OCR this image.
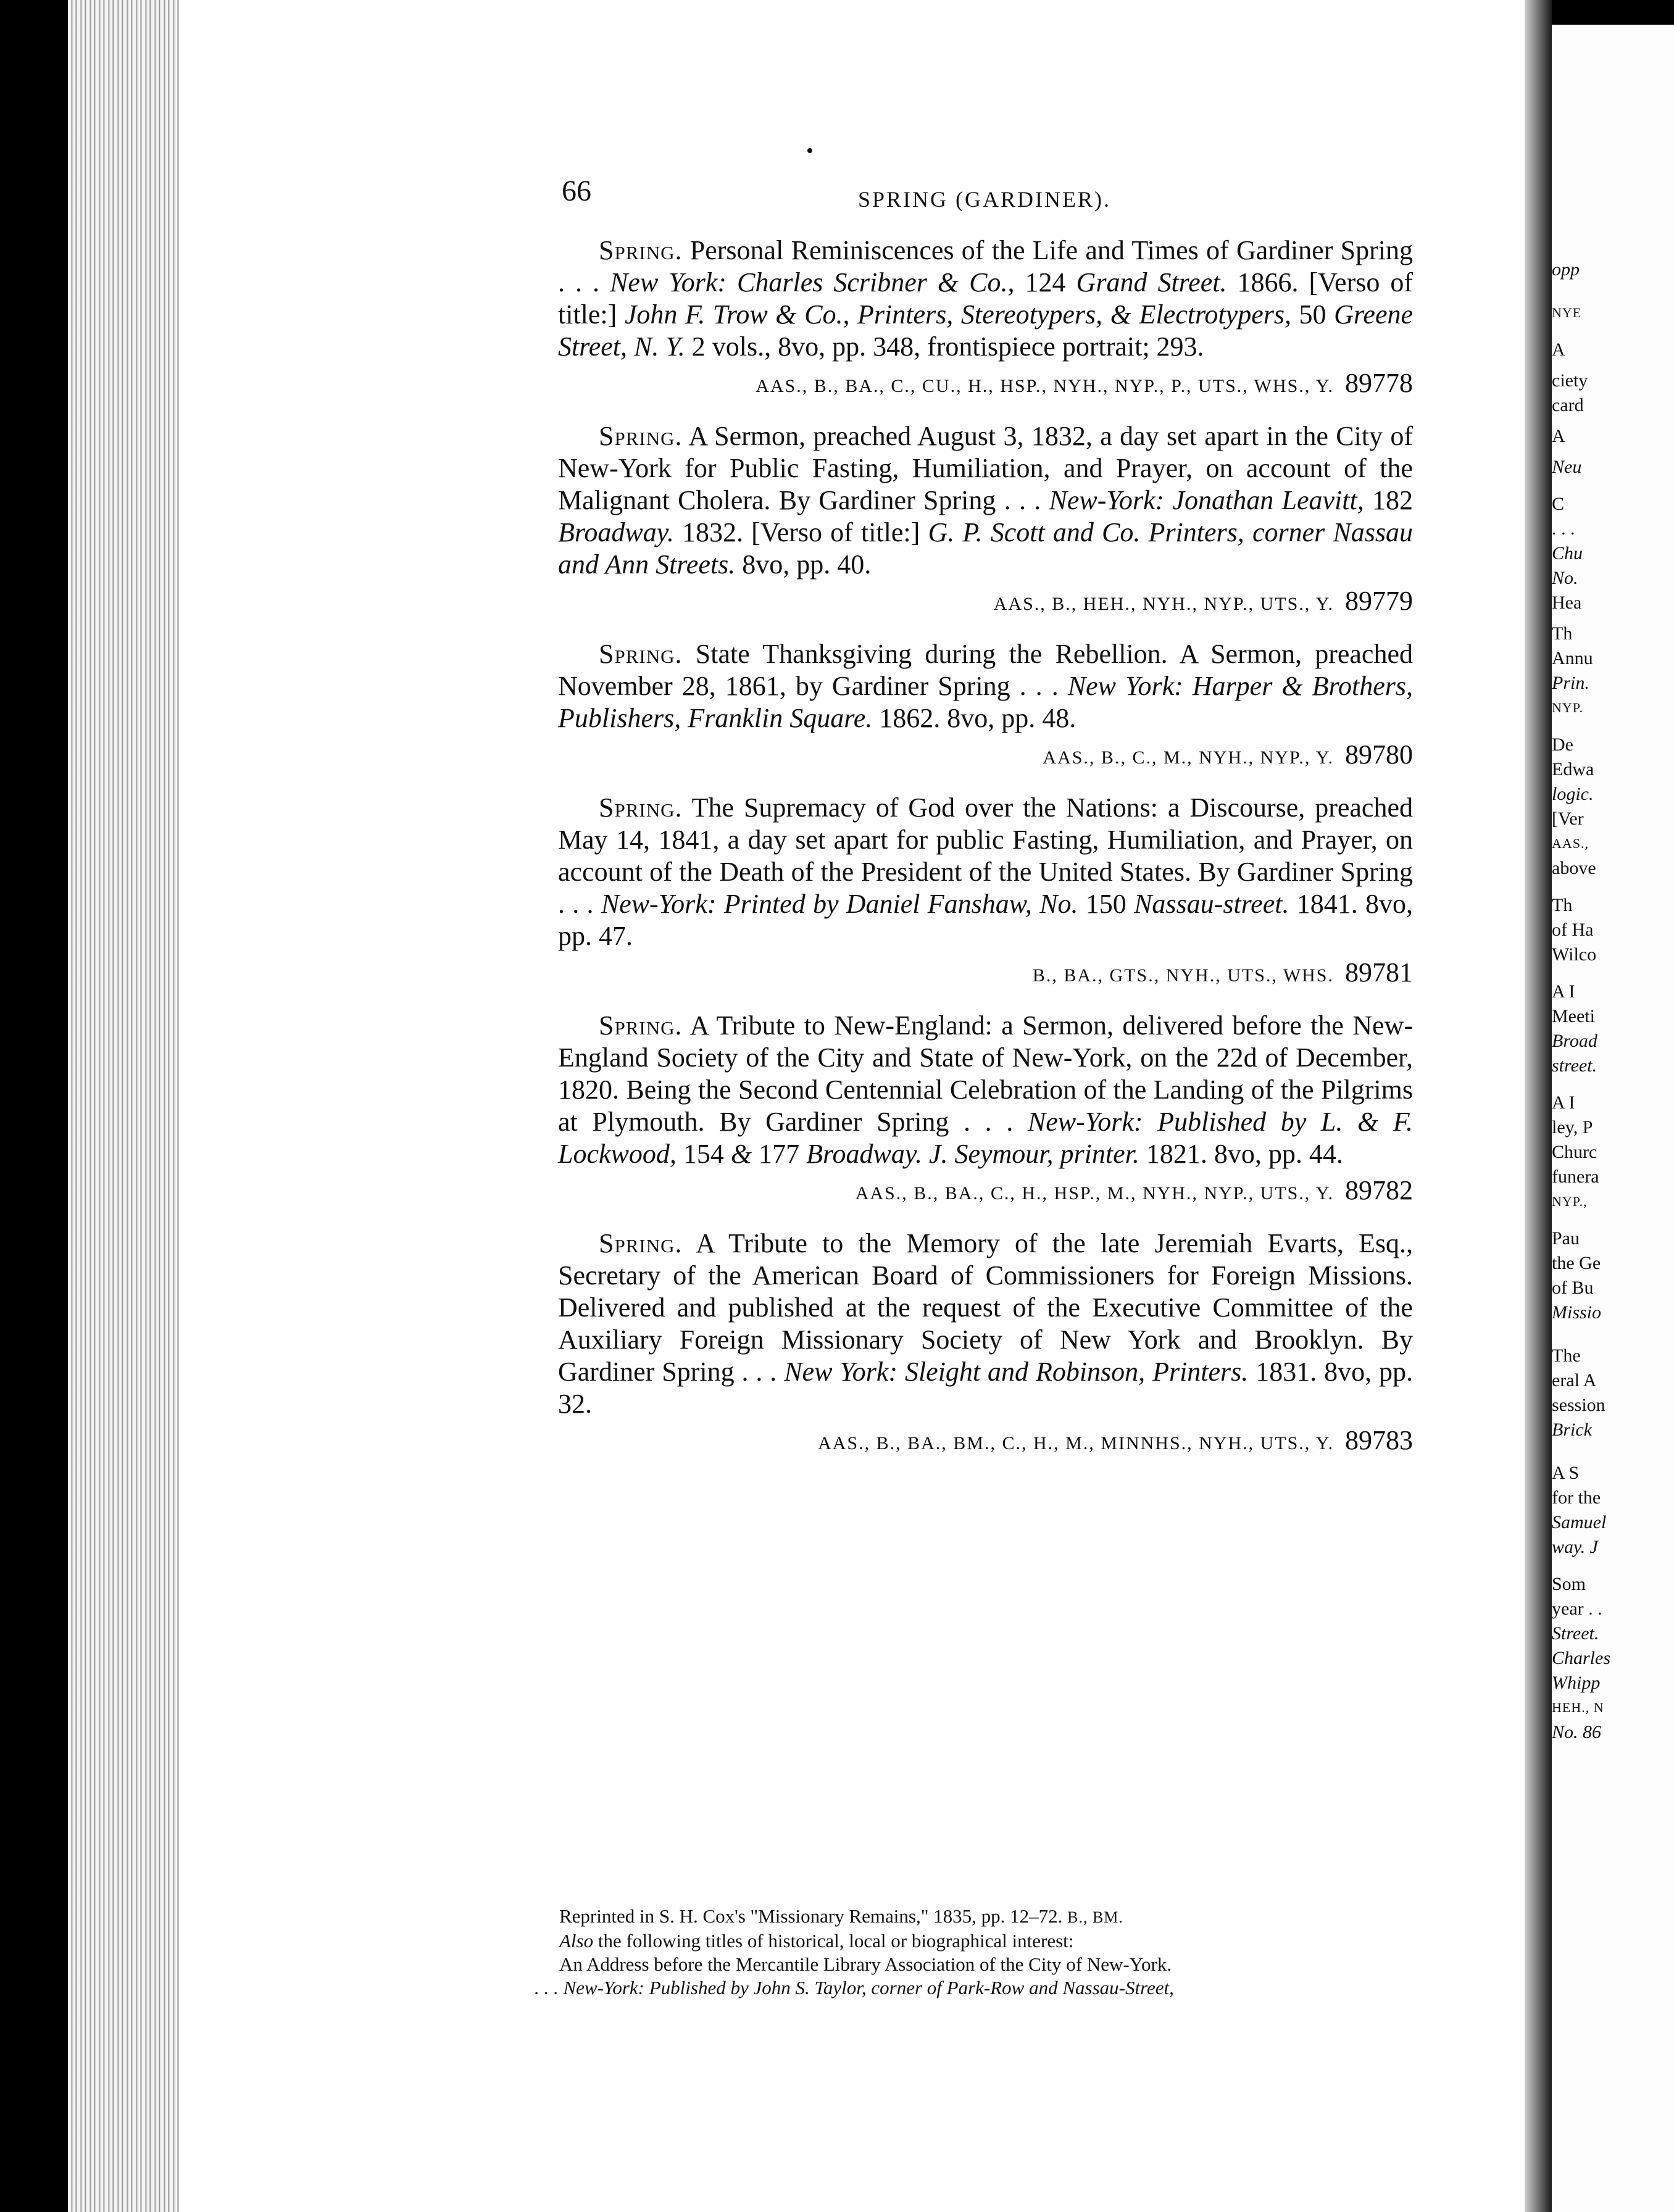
opp
NYE
A
ciety
card
A
Neu
C
. . .
Chu
No.
Hea
Th
Annu
Prin.
NYP.
De
Edwa
logic.
[Ver
AAS.,
above
Th
of Ha
Wilco
A I
Meeti
Broad
street.
A I
ley, P
Churc
funera
NYP.,
Pau
the Ge
of Bu
Missio
The
eral A
session
Brick
A S
for the
Samuel
way. J
Som
year . .
Street.
Charles
Whipp
HEH., N
No. 86
66	SPRING (GARDINER).

Spring. Personal Reminiscences of the Life and Times of Gardiner Spring . . . New York: Charles Scribner & Co., 124 Grand Street. 1866. [Verso of title:] John F. Trow & Co., Printers, Stereotypers, & Electrotypers, 50 Greene Street, N. Y. 2 vols., 8vo, pp. 348, frontispiece portrait; 293.

AAS., B., BA., C., CU., H., HSP., NYH., NYP., P., UTS., WHS., Y. 89778

Spring. A Sermon, preached August 3, 1832, a day set apart in the City of New-York for Public Fasting, Humiliation, and Prayer, on account of the Malignant Cholera. By Gardiner Spring . . . New-York: Jonathan Leavitt, 182 Broadway. 1832. [Verso of title:] G. P. Scott and Co. Printers, corner Nassau and Ann Streets. 8vo, pp. 40.

AAS., B., HEH., NYH., NYP., UTS., Y. 89779

Spring. State Thanksgiving during the Rebellion. A Sermon, preached November 28, 1861, by Gardiner Spring . . . New York: Harper & Brothers, Publishers, Franklin Square. 1862. 8vo, pp. 48.

AAS., B., C., M., NYH., NYP., Y. 89780

Spring. The Supremacy of God over the Nations: a Discourse, preached May 14, 1841, a day set apart for public Fasting, Humiliation, and Prayer, on account of the Death of the President of the United States. By Gardiner Spring . . . New-York: Printed by Daniel Fanshaw, No. 150 Nassau-street. 1841. 8vo, pp. 47.

B., BA., GTS., NYH., UTS., WHS. 89781

Spring. A Tribute to New-England: a Sermon, delivered before the New-England Society of the City and State of New-York, on the 22d of December, 1820. Being the Second Centennial Celebration of the Landing of the Pilgrims at Plymouth. By Gardiner Spring . . . New-York: Published by L. & F. Lockwood, 154 & 177 Broadway. J. Seymour, printer. 1821. 8vo, pp. 44.

AAS., B., BA., C., H., HSP., M., NYH., NYP., UTS., Y. 89782

Spring. A Tribute to the Memory of the late Jeremiah Evarts, Esq., Secretary of the American Board of Commissioners for Foreign Missions. Delivered and published at the request of the Executive Committee of the Auxiliary Foreign Missionary Society of New York and Brooklyn. By Gardiner Spring . . . New York: Sleight and Robinson, Printers. 1831. 8vo, pp. 32.

AAS., B., BA., BM., C., H., M., MINNHS., NYH., UTS., Y. 89783

Reprinted in S. H. Cox's "Missionary Remains," 1835, pp. 12–72. B., BM.

Also the following titles of historical, local or biographical interest:

An Address before the Mercantile Library Association of the City of New-York.

. . . New-York: Published by John S. Taylor, corner of Park-Row and Nassau-Street,
